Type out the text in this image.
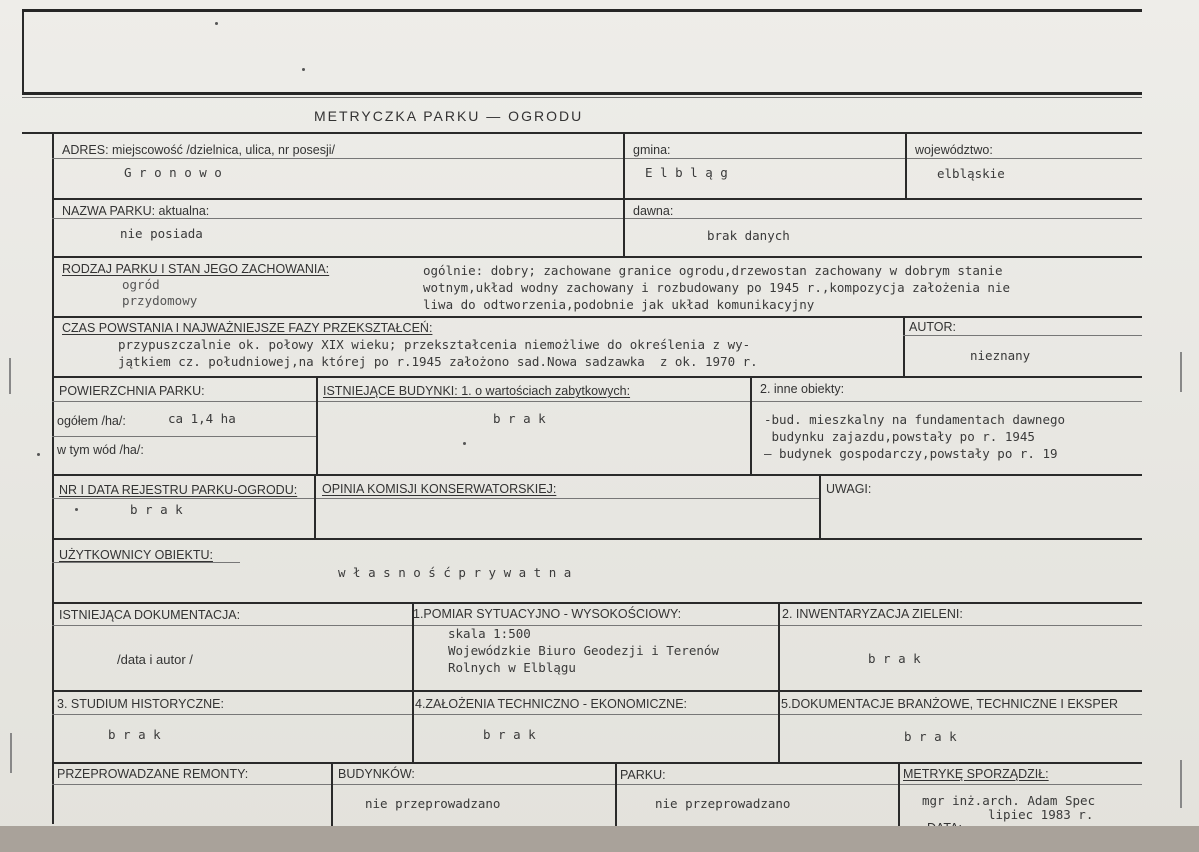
METRYCZKA PARKU — OGRODU
ADRES: miejscowość /dzielnica, ulica, nr posesji/
G r o n o w o
gmina:
E l b l ą g
województwo:
elbląskie
NAZWA PARKU: aktualna:
nie posiada
dawna:
brak danych
RODZAJ PARKU I STAN JEGO ZACHOWANIA:
ogród
przydomowy
ogólnie: dobry; zachowane granice ogrodu,drzewostan zachowany w dobrym stanie
wotnym,układ wodny zachowany i rozbudowany po 1945 r.,kompozycja założenia nie
liwa do odtworzenia,podobnie jak układ komunikacyjny
CZAS POWSTANIA I NAJWAŻNIEJSZE FAZY PRZEKSZTAŁCEŃ:
przypuszczalnie ok. połowy XIX wieku; przekształcenia niemożliwe do określenia z wy-
jątkiem cz. południowej,na której po r.1945 założono sad.Nowa sadzawka  z ok. 1970 r.
AUTOR:
nieznany
POWIERZCHNIA PARKU:
ogółem /ha/:	ca 1,4 ha
w tym wód /ha/:
ISTNIEJĄCE BUDYNKI: 1. o wartościach zabytkowych:
b r a k
2. inne obiekty:
-bud. mieszkalny na fundamentach dawnego
budynku zajazdu,powstały po r. 1945
– budynek gospodarczy,powstały po r. 19
NR I DATA REJESTRU PARKU-OGRODU:
b r a k
OPINIA KOMISJI KONSERWATORSKIEJ:	UWAGI:
UŻYTKOWNICY OBIEKTU:
w ł a s n o ś ć p r y w a t n a
ISTNIEJĄCA DOKUMENTACJA:
/data i autor /
1.POMIAR SYTUACYJNO - WYSOKOŚCIOWY:
skala 1:500
Wojewódzkie Biuro Geodezji i Terenów
Rolnych w Elblągu
2. INWENTARYZACJA ZIELENI:
b r a k
3. STUDIUM HISTORYCZNE:
b r a k
4.ZAŁOŻENIA TECHNICZNO - EKONOMICZNE:
b r a k
5.DOKUMENTACJE BRANŻOWE, TECHNICZNE I EKSPER
b r a k
PRZEPROWADZANE REMONTY:	BUDYNKÓW:
nie przeprowadzano
PARKU:
nie przeprowadzano
METRYKĘ SPORZĄDZIŁ:
mgr inż.arch. Adam Spec
lipiec 1983 r.
